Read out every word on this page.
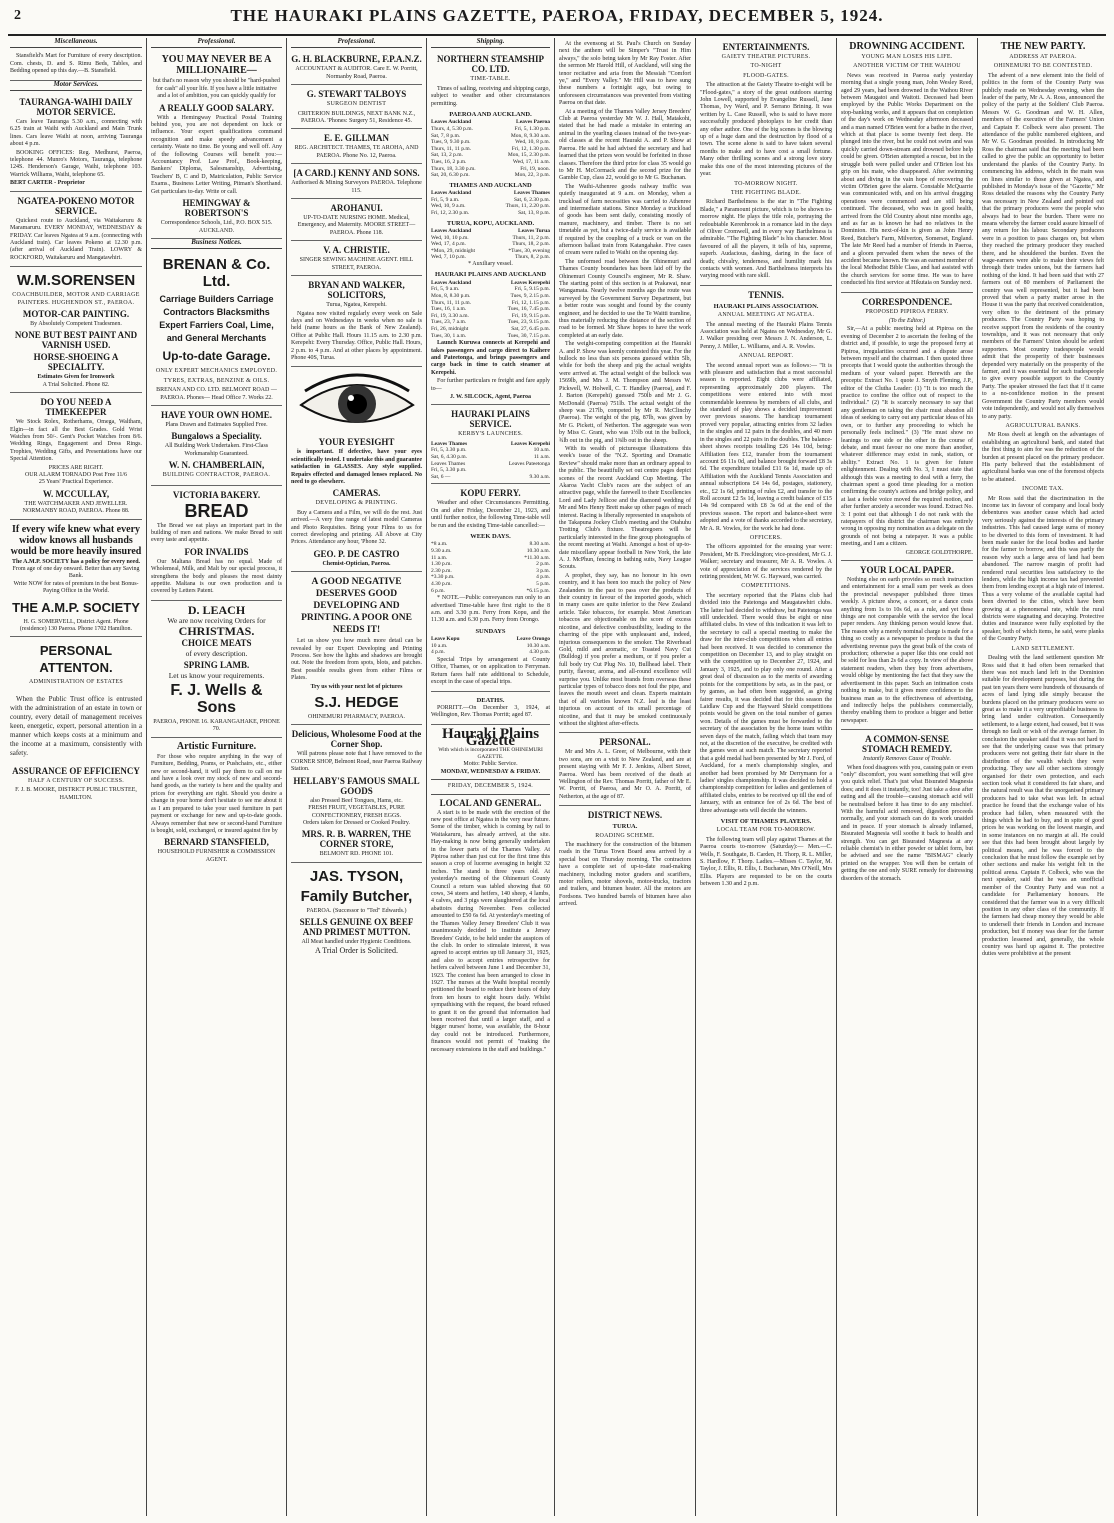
2	THE HAURAKI PLAINS GAZETTE, PAEROA, FRIDAY, DECEMBER 5, 1924.
Miscellaneous.
Stansfield's Mart for Furniture of every description. Com. chests, D. and S. Rimu Beds, Tables, and Bedding opened up this day.—B. Stansfield.
Motor Services.
TAURANGA-WAIHI DAILY MOTOR SERVICE.
Cars leave Tauranga 5.30 a.m., connecting with 6.25 train at Waihi with Auckland and Main Trunk lines. Cars leave Waihi at noon, arriving Tauranga about 4 p.m.
BOOKING OFFICES: Reg. Medhurst, Paeroa, telephone 44. Munro's Motors, Tauranga, telephone 124S. Henderson's Garage, Waihi, telephone 103. Warrick Williams, Waihi, telephone 65.
BERT CARTER - Proprietor
NGATEA-POKENO MOTOR SERVICE.
Quickest route to Auckland, via Waitakaruru & Maramaruru. EVERY MONDAY, WEDNESDAY & FRIDAY. Car leaves Ngatea at 9 a.m. (connecting with Auckland train). Car leaves Pokeno at 12.30 p.m. (after arrival of Auckland Train). LOWRY & ROCKFORD, Waitakaruru and Mangatawhiri.
W.M.SORENSEN
COACHBUILDER, MOTOR AND CARRIAGE PAINTERS. HUGHENDON ST., PAEROA.
MOTOR-CAR PAINTING.
By Absolutely Competent Tradesmen.
NONE BUT BEST PAINT AND VARNISH USED.
HORSE-SHOEING A SPECIALITY.
Estimates Given for Ironwork
A Trial Solicited. Phone 82.
DO YOU NEED A TIMEKEEPER
We Stock Rolex, Rotherhams, Omega, Waltham, Elgin—in fact all the Best Grades. Gold Wrist Watches from 50/-. Gent's Pocket Watches from 8/6. Wedding Rings, Engagement and Dress Rings. Trophies, Wedding Gifts, and Presentations have our Special Attention.
PRICES ARE RIGHT.
OUR ALARM TORNADO Post Free 11/6
25 Years' Practical Experience.
W. MCCULLAY,
THE WATCHMAKER AND JEWELLER. NORMANBY ROAD, PAEROA. Phone 88.
If every wife knew what every widow knows all husbands would be more heavily insured
The A.M.P. SOCIETY has a policy for every need.
From age of one day onward. Better than any Saving Bank.
Write NOW for rates of premium in the best Bonus-Paying Office in the World.
THE A.M.P. SOCIETY
H. G. SOMERVELL, District Agent. Phone (residence) 130 Paeroa. Phone 1702 Hamilton.
PERSONAL ATTENTON.
ADMINISTRATION OF ESTATES
When the Public Trust office is entrusted with the administration of an estate in town or country, every detail of management receives keen, energetic, expert, personal attention in a manner which keeps costs at a minimum and the income at a maximum, consistently with safety.
ASSURANCE OF EFFICIENCY
HALF A CENTURY OF SUCCESS.
F. J. B. MOORE, DISTRICT PUBLIC TRUSTEE, HAMILTON.
Professional.
YOU MAY NEVER BE A MILLIONAIRE—
but that's no reason why you should be "hard-pushed for cash" all your life. If you have a little initiative and a lot of ambition, you can quickly qualify for
A REALLY GOOD SALARY.
With a Hemingway Practical Postal Training behind you, you are not dependent on luck or influence. Your expert qualifications command recognition and make speedy advancement a certainty. Waste no time. Be young and well off. Any of the following Courses will benefit you:— Accountancy Prof. Law Prof., Book-keeping, Bankers' Diploma, Salesmanship, Advertising, Teachers' B, C and D, Matriculation, Public Service Exams., Business Letter Writing, Pitman's Shorthand. Get particulars to-day. Write or call.
HEMINGWAY & ROBERTSON'S
Correspondence Schools, Ltd., P.O. BOX 515. AUCKLAND.
Business Notices.
BRENAN & Co. Ltd.
Carriage Builders Carriage Contractors Blacksmiths Expert Farriers Coal, Lime, and General Merchants
Up-to-date Garage.
ONLY EXPERT MECHANICS EMPLOYED.
TYRES, EXTRAS, BENZINE & OILS.
BRENAN AND CO. LTD. BELMONT ROAD — PAEROA. Phones— Head Office 7. Works 22.
HAVE YOUR OWN HOME.
Plans Drawn and Estimates Supplied Free.
Bungalows a Speciality.
All Building Work Undertaken. First-Class Workmanship Guaranteed.
W. N. CHAMBERLAIN,
BUILDING CONTRACTOR, PAEROA.
VICTORIA BAKERY.
BREAD
The Bread we eat plays an important part in the building of men and nations. We make Bread to suit every taste and appetite.
FOR INVALIDS
Our Maltana Bread has no equal. Made of Wholemeal, Milk, and Malt by our special process, it strengthens the body and pleases the most dainty appetite. Maltana is our own production and is covered by Letters Patent.
D. LEACH
We are now receiving Orders for
CHRISTMAS.
CHOICE MEATS
of every description.
SPRING LAMB.
Let us know your requirements.
F. J. Wells & Sons
PAEROA, PHONE 16. KARANGAHAKE, PHONE 70.
Artistic Furniture.
For those who require anything in the way of Furniture, Bedding, Prams, or Pushchairs, etc., either new or second-hand, it will pay them to call on me and have a look over my stock of new and second-hand goods, as the variety is here and the quality and prices for everything are right. Should you desire a change in your home don't hesitate to see me about it as I am prepared to take your used furniture in part payment or exchange for new and up-to-date goods. Always remember that new or second-hand Furniture is bought, sold, exchanged, or insured against fire by
BERNARD STANSFIELD,
HOUSEHOLD FURNISHER & COMMISSION AGENT.
Professional.
G. H. BLACKBURNE, F.P.A.N.Z.
ACCOUNTANT & AUDITOR. Care E. W. Porritt, Normanby Road, Paeroa.
G. STEWART TALBOYS
SURGEON DENTIST
CRITERION BUILDINGS, NEXT BANK N.Z., PAEROA. 'Phones: Surgery 51, Residence 45.
E. E. GILLMAN
REG. ARCHITECT. THAMES, TE AROHA, AND PAEROA. Phone No. 12, Paeroa.
[A CARD.] KENNY AND SONS.
Authorised & Mining Surveyors PAEROA. Telephone 115.
AROHANUI.
UP-TO-DATE NURSING HOME. Medical, Emergency, and Maternity. MOORE STREET—PAEROA. Phone 118.
V. A. CHRISTIE.
SINGER SEWING MACHINE AGENT. HILL STREET, PAEROA.
BRYAN AND WALKER, SOLICITORS,
Turua, Ngatea, Kerepehi.
Ngatea now visited regularly every week on Sale days and on Wednesdays in weeks when no sale is held (name hours as the Bank of New Zealand). Office at Public Hall. Hours 11.15 a.m. to 2.30 p.m. Kerepehi: Every Thursday. Office, Public Hall. Hours, 2 p.m. to 4 p.m. And at other places by appointment. Phone 40S, Turua.
YOUR EYESIGHT
is important. If defective, have your eyes scientifically tested. I undertake this and guarantee satisfaction in GLASSES. Any style supplied. Repairs effected and damaged lenses replaced. No need to go elsewhere.
CAMERAS.
DEVELOPING & PRINTING.
Buy a Camera and a Film, we will do the rest. Just arrived.—A very fine range of latest model Cameras and Photo Requisites. Bring your Films to us for correct developing and printing. All Above at City Prices. Attendance any hour, 'Phone 32.
GEO. P. DE CASTRO
Chemist-Optician, Paeroa.
A GOOD NEGATIVE DESERVES GOOD DEVELOPING AND PRINTING. A POOR ONE NEEDS IT!
Let us show you how much more detail can be revealed by our Expert Developing and Printing Process. See how the lights and shadows are brought out. Note the freedom from spots, blots, and patches. Best possible results given from either Films or Plates.
Try us with your next lot of pictures
S.J. HEDGE
OHINEMURI PHARMACY, PAEROA.
Delicious, Wholesome Food at the Corner Shop.
Will patrons please note that I have removed to the CORNER SHOP, Belmont Road, near Paeroa Railway Station.
HELLABY'S FAMOUS SMALL GOODS
also Pressed Beef Tongues, Hams, etc.
FRESH FRUIT, VEGETABLES, PURE CONFECTIONERY, FRESH EGGS.
Orders taken for Dressed or Cooked Poultry.
MRS. R. B. WARREN, THE CORNER STORE,
BELMONT RD. PHONE 101.
JAS. TYSON,
Family Butcher,
PAEROA. (Successor to "Ted" Edwards.)
SELLS GENUINE OX BEEF AND PRIMEST MUTTON.
All Meat handled under Hygienic Conditions.
A Trial Order is Solicited.
Shipping.
NORTHERN STEAMSHIP CO. LTD.
TIME-TABLE.
Times of sailing, receiving and shipping cargo, subject to weather and other circumstances permitting.
PAEROA AND AUCKLAND.
Leaves Auckland	Leaves Paeroa
Thurs, 4, 5.30 p.m.	Fri, 5, 1.30 p.m.
Sat, 7, 8 p.m.	Mon, 8, 9.30 a.m.
Tues, 9, 9.30 p.m.	Wed, 10, 8 p.m.
Thurs, 11, 11 p.m.	Fri, 12, 1.30 p.m.
Sat, 13, 2 p.m.	Mon, 15, 2.30 p.m.
Tues, 16, 2 p.m.	Wed, 17, 11 a.m.
Thurs, 18, 3.30 p.m.	Fri, 19, noon.
Sat, 20, 6.30 p.m.	Mon, 22, 3 p.m.
THAMES AND AUCKLAND
Leaves Auckland	Leaves Thames
Fri, 5, 9 a.m.	Sat, 6, 2.30 p.m.
Wed, 10, 9 a.m.	Thurs, 11, 2.20 p.m.
Fri, 12, 2.30 p.m.	Sat, 13, 8 p.m.
TURUA, KOPU, AUCKLAND.
Leaves Auckland	Leaves Turua
Wed, 10, 10 p.m.	Thurs, 11, 2 p.m.
Wed, 17, 4 p.m.	Thurs, 18, 2 p.m.
*Mon, 29, midnight	*Tues, 30, evening
Wed, 7, 10 p.m.	Thurs, 8, 2 p.m.
* Auxiliary vessel.
HAURAKI PLAINS AND AUCKLAND
Leaves Auckland	Leaves Kerepehi
Fri, 5, 9 a.m.	Fri, 5, 9.15 p.m.
Mon, 8, 8.30 p.m.	Tues, 9, 2.15 p.m.
Thurs, 11, 11 p.m.	Fri, 12, 1.15 p.m.
Tues, 16, 1 a.m.	Tues, 16, 7.45 p.m.
Fri, 19, 3.30 a.m.	Fri, 19, 9.15 p.m.
Tues, 23, 7 a.m.	Tues, 23, 9.15 p.m.
Fri, 26, midnight	Sat, 27, 6.45 p.m.
Tues, 30, 1 a.m.	Tues, 30, 7.15 p.m.
Launch Kuruwa connects at Kerepehi and takes passengers and cargo direct to Kaihere and Pateetonga, and brings passengers and cargo back in time to catch steamer at Kerepehi.
For further particulars re freight and fare apply to—
J. W. SILCOCK, Agent, Paeroa
HAURAKI PLAINS SERVICE.
KERBY'S LAUNCHES.
Leaves Thames	Leaves Kerepehi
Fri, 5, 3.30 p.m.	10 a.m.
Sat, 6, 4.30 p.m.	11 a.m.
Leaves Thames	Leaves Pateetonga
Fri, 5, 3.30 p.m.
Sat, 6 —	9.30 a.m.
KOPU FERRY.
Weather and other Circumstances Permitting. On and after Friday, December 21, 1923, and until further notice, the following Time-table will be run and the existing Time-table cancelled:—
WEEK DAYS.
*8 a.m.	8.30 a.m.
9.30 a.m.	10.30 a.m.
11 a.m.	*11.30 a.m.
1.30 p.m.	2 p.m.
2.30 p.m.	3 p.m.
*3.30 p.m.	4 p.m.
4.30 p.m.	5 p.m.
6 p.m.	*6.15 p.m.
* NOTE.—Public conveyances run only to an advertised Time-table have first right to the 8 a.m. and 3.30 p.m. Ferry from Kopu, and the 11.30 a.m. and 6.30 p.m. Ferry from Orongo.
SUNDAYS
Leave Kopu	Leave Orongo
10 a.m.	10.30 a.m.
4 p.m.	4.30 p.m.
Special Trips by arrangement at County Office, Thames, or on application to Ferryman. Return fares half rate additional to Schedule, except in the case of special trips.
DEATHS.
PORRITT.—On December 3, 1924, at Wellington, Rev. Thomas Porritt; aged 87.
Hauraki Plains Gazette
With which is incorporated THE OHINEMURI GAZETTE.
Motto: Public Service.
MONDAY, WEDNESDAY & FRIDAY.
FRIDAY, DECEMBER 5, 1924.
LOCAL AND GENERAL.
A start is to be made with the erection of the new post office at Ngatea in the very near future. Some of the timber, which is coming by rail to Waitakaruru, has already arrived, at the site. Hay-making is now being generally undertaken in the lower parts of the Thames Valley. At Pipiroa rather than just cut for the first time this season a crop of lucerne averaging in height 32 inches. The stand is three years old. At yesterday's meeting of the Ohinemuri County Council a return was tabled showing that 60 cows, 34 steers and heifers, 140 sheep, 4 lambs, 4 calves, and 3 pigs were slaughtered at the local abattoirs during November. Fees collected amounted to £50 6s 6d. At yesterday's meeting of the Thames Valley Jersey Breeders' Club it was unanimously decided to institute a Jersey Breeders' Guide, to be held under the auspices of the club. In order to stimulate interest, it was agreed to accept entries up till January 31, 1925, and also to accept entries retrospective for heifers calved between June 1 and December 31, 1923. The contest has been arranged to close in 1927. The nurses at the Waihi hospital recently petitioned the board to reduce their hours of duty from ten hours to eight hours daily. Whilst sympathising with the request, the board refused to grant it on the ground that information had been received that until a larger staff, and a bigger nurses' home, was available, the 8-hour day could not be introduced. Furthermore, finances would not permit of "making the necessary extensions in the staff and buildings."
At the evensong at St. Paul's Church on Sunday next the anthem will be Simper's "Trust in Him always," the solo being taken by Mr Ray Foster. After the sermon Mr Harold Hill, of Auckland, will sing the tenor recitative and aria from the Messiah "Comfort ye," and "Every Valley." Mr Hill was to have sung these numbers a fortnight ago, but owing to unforeseen circumstances was prevented from visiting Paeroa on that date.
At a meeting of the Thames Valley Jersey Breeders' Club at Paeroa yesterday Mr W. J. Hall, Matakohi, stated that he had made a mistake in entering an animal in the yearling classes instead of the two-year-old classes at the recent Hauraki A. and P. Show at Paeroa. He said he had advised the secretary and had learned that the prizes won would be forfeited in those classes. Therefore the third prize for class 35 would go to Mr H. McCormack and the second prize for the Gamble Cup, class 22, would go to Mr G. Buchanan.
The Waihi-Athenree goods railway traffic was quietly inaugurated at 9 a.m. on Monday, when a truckload of farm necessities was carried to Athenree and intermediate stations. Since Monday a truckload of goods has been sent daily, consisting mostly of manure, machinery, and timber. There is no set timetable as yet, but a twice-daily service is available if required by the coupling of a truck or van on the afternoon ballast train from Katangahake. Five cases of cream were railed to Waihi on the opening day.
The unformed road between the Ohinemuri and Thames County boundaries has been laid off by the Ohinemuri County Council's engineer, Mr R. Shaw. The starting point of this section is at Prakawai, near Wangamata. Nearly twelve months ago the route was surveyed by the Government Survey Department, but a better route was sought and found by the county engineer, and he decided to use the Te Waitti tramline, thus materially reducing the distance of the section of road to be formed. Mr Shaw hopes to have the work completed at an early date.
The weight-computing competition at the Hauraki A. and P. Show was keenly contested this year. For the bullock no less than six persons guessed within 5lb, while for both the sheep and pig the actual weights were arrived at. The actual weight of the bullock was 1569lb, and Mrs J. M. Thompson and Messrs W. Pickwell, W. Holwell, C. T. Handley (Paeroa), and F. J. Barton (Kerepehi) guessed 750lb and Mr J. G. McDonald (Paeroa) 751lb. The actual weight of the sheep was 217lb, competed by Mr R. McClinchy (Paeroa). The weight of the pig, 87lb, was given by Mr G. Pickett, of Netherton. The aggregate was won by Miss C. Grant, who was 1½lb out in the bullock, ¾lb out in the pig, and 1⅜lb out in the sheep.
With its wealth of picturesque illustrations this week's issue of the "N.Z. Sporting and Dramatic Review" should make more than an ordinary appeal to the public. The beautifully set out centre pages depict scenes of the recent Auckland Cup Meeting. The Akaroa Yacht Club's races are the subject of an attractive page, while the farewell to their Excellencies Lord and Lady Jellicoe and the diamond wedding of Mr and Mrs Henry Brett make up other pages of much interest. Racing is liberally represented in snapshots of the Takapuna Jockey Club's meeting and the Otahuhu Trotting Club's fixture. Theatregoers will be particularly interested in the fine group photographs of the recent meeting at Waihi. Amongst a host of up-to-date miscellany appear football in New York, the late A. J. McPhun, fencing in bathing suits, Navy League Scouts.
A prophet, they say, has no honour in his own country, and it has been too much the policy of New Zealanders in the past to pass over the products of their country in favour of the imported goods, which in many cases are quite inferior to the New Zealand article. Take tobaccos, for example. Most American tobaccos are objectionable on the score of excess nicotine, and defective combustibility, leading to the charring of the pipe with unpleasant and, indeed, injurious consequences to the smoker. The Riverhead Gold, mild and aromatic, or Toasted Navy Cut (Bulldog) if you prefer a medium, or if you prefer a full body try Cut Plug No. 10, Bullhead label. Their purity, flavour, aroma, and all-round excellence will surprise you. Unlike most brands from overseas these particular types of tobacco does not foul the pipe, and leaves the mouth sweet and clean. Experts maintain that of all varieties known N.Z. leaf is the least injurious on account of its small percentage of nicotine, and that it may be smoked continuously without the slightest after-effects.
PERSONAL.
Mr and Mrs A. L. Greer, of Melbourne, with their two sons, are on a visit to New Zealand, and are at present staying with Mr F. J. Jenkins, Albert Street, Paeroa. Word has been received of the death at Wellington of the Rev. Thomas Porritt, father of Mr E. W. Porritt, of Paeroa, and Mr O. A. Porritt, of Netherton, at the age of 87.
DISTRICT NEWS.
TURUA.
ROADING SCHEME.
The machinery for the construction of the bitumen roads in the Turua Town Board area arrived by a special boat on Thursday morning. The contractors have a complete set of up-to-date road-making machinery, including motor graders and scarifiers, motor rollers, motor shovels, motor-trucks, tractors and trailers, and bitumen heater. All the motors are Fordsons. Two hundred barrels of bitumen have also arrived.
ENTERTAINMENTS.
GAIETY THEATRE PICTURES.
TO-NIGHT
FLOOD-GATES.
The attraction at the Gaiety Theatre to-night will be "Flood-gates," a story of the great outdoors starring John Lowell, supported by Evangeline Russell, Jane Thomas, Ivy Ward, and P. Serrano Brining. It was written by L. Case Russell, who is said to have more successfully produced photoplays to her credit than any other author. One of the big scenes is the blowing up of a huge dam and the destruction by flood of a town. The scene alone is said to have taken several months to make and to have cost a small fortune. Many other thrilling scenes and a strong love story make this one of the most interesting pictures of the year.
TO-MORROW NIGHT.
THE FIGHTING BLADE.
Richard Barthelmess is the star in "The Fighting Blade," a Paramount picture, which is to be shown to-morrow night. He plays the title role, portraying the redoubtable Kerenbrook in a romance laid in the days of Oliver Cromwell, and in every way Barthelmess is admirable. "The Fighting Blade" is his character. Most favoured of all the players, it tells of his, supreme, superb. Audacious, dashing, daring in the face of death; chivalry, tenderness, and humility mark his contacts with women. And Barthelmess interprets his varying mood with rare skill.
TENNIS.
HAURAKI PLAINS ASSOCIATION.
ANNUAL MEETING AT NGATEA.
The annual meeting of the Hauraki Plains Tennis Association was held at Ngatea on Wednesday, Mr G. J. Walker presiding over Messrs J. N. Anderson, L. Penny, J. Miller, L. Williams, and A. R. Vowles.
ANNUAL REPORT.
The second annual report was as follows:— "It is with pleasure and satisfaction that a most successful season is reported. Eight clubs were affiliated, representing approximately 200 players. The competitions were entered into with most commendable keenness by members of all clubs, and the standard of play shows a decided improvement over previous seasons. The handicap tournament proved very popular, attracting entries from 32 ladies in the singles and 12 pairs in the doubles, and 40 men in the singles and 22 pairs in the doubles. The balance-sheet shows receipts totalling £26 14s 10d, being: Affiliation fees £12, transfer from the tournament account £6 11s 0d, and balance brought forward £8 3s 6d. The expenditure totalled £11 6s 1d, made up of: Affiliation with the Auckland Tennis Association and annual subscriptions £4 14s 6d, postages, stationery, etc., £2 1s 6d, printing of rules £2, and transfer to the Roll account £2 5s 1d, leaving a credit balance of £15 14s 9d compared with £8 3s 6d at the end of the previous season. The report and balance-sheet were adopted and a vote of thanks accorded to the secretary, Mr A. R. Vowles, for the work he had done.
OFFICERS.
The officers appointed for the ensuing year were: President, Mr B. Frecklington; vice-president, Mr G. J. Walker; secretary and treasurer, Mr A. R. Vowles. A vote of appreciation of the services rendered by the retiring president, Mr W. G. Hayward, was carried.
COMPETITIONS.
The secretary reported that the Plains club had divided into the Patetonga and Maugatawhiri clubs. The latter had decided to withdraw, but Patetonga was still undecided. There would thus be eight or nine affiliated clubs. In view of this indication it was left to the secretary to call a special meeting to make the draw for the inter-club competitions when all entries had been received. It was decided to commence the competition on December 13, and to play straight on with the competition up to December 27, 1924, and January 3, 1925, and to play only one round. After a great deal of discussion as to the merits of awarding points for the competitions by sets, as in the past, or by games, as had often been suggested, as giving fairer results, it was decided that for this season the Laidlaw Cup and the Hayward Shield competitions points would be given on the total number of games won. Details of the games must be forwarded to the secretary of the association by the home team within seven days of the match, failing which that team may not, at the discretion of the executive, be credited with the games won at such match. The secretary reported that a gold medal had been presented by Mr J. Ford, of Auckland, for a men's championship singles, and another had been promised by Mr Derrymann for a ladies' singles championship. It was decided to hold a championship competition for ladies and gentlemen of affiliated clubs, entries to be received up till the end of January, with an entrance fee of 2s 6d. The best of three advantage sets will decide the winners.
VISIT OF THAMES PLAYERS.
LOCAL TEAM FOR TO-MORROW.
The following team will play against Thames at the Paeroa courts to-morrow (Saturday):— Men.—C. Wells, F. Southgate, B. Carden, H. Thorp, R. L. Miller, S. Hardlow, F. Thorp. Ladies.—Misses C. Taylor, M. Taylor, J. Ellis, R. Ellis, I. Buchanan, Mrs O'Neill, Mrs Ellis. Players are requested to be on the courts between 1.30 and 2 p.m.
DROWNING ACCIDENT.
YOUNG MAN LOSES HIS LIFE.
ANOTHER VICTIM OF THE WAIHOU
News was received in Paeroa early yesterday morning that a single young man, John Wesley Reed, aged 29 years, had been drowned in the Waihou River between Maugatoi and Waitoti. Deceased had been employed by the Public Works Department on the stop-banking works, and it appears that on completion of the day's work on Wednesday afternoon deceased and a man named O'Brien went for a bathe in the river, which at that place is some twenty feet deep. He plunged into the river, but he could not swim and was quickly carried down-stream and drowned before help could be given. O'Brien attempted a rescue, but in the struggle both were pulled under and O'Brien lost his grip on his mate, who disappeared. After swimming about and diving in the vain hope of recovering the victim O'Brien gave the alarm. Constable McQuarrie was communicated with, and on his arrival dragging operations were commenced and are still being continued. The deceased, who was in good health, arrived from the Old Country about nine months ago, and as far as is known he had no relatives in the Dominion. His next-of-kin is given as John Henry Reed, Butcher's Farm, Milverton, Somerset, England. The late Mr Reed had a number of friends in Paeroa, and a gloom pervaded them when the news of the accident became known. He was an earnest member of the local Methodist Bible Class, and had assisted with the church services for some time. He was to have conducted his first service at Hikutaia on Sunday next.
CORRESPONDENCE.
PROPOSED PIPIROA FERRY.
(To the Editor.)
Sir,—At a public meeting held at Pipiroa on the evening of December 2 to ascertain the feeling of the district and, if possible, to urge the proposed ferry at Pipiroa, irregularities occurred and a dispute arose between myself and the chairman. I then quoted three precepts that I would quote the authorities through the medium of your valued paper. Herewith are the precepts: Extract No. 1 quote J. Smyth Fleming, J.P., editor of the Clutha Leader: (1) "It is too much the practice to confine the office out of respect to the individual." (2) "It is scarcely necessary to say that any gentleman on taking the chair must abandon all ideas of seeking to carry out any particular ideas of his own, or to further any proceeding to which he personally feels inclined." (3) "He must show no leanings to one side or the other in the course of debate, and must favour no one more than another, whatever difference may exist in rank, station, or ability." Extract No. 1 is given for future enlightenment. Dealing with No. 3, I must state that although this was a meeting to deal with a ferry, the chairman spent a good time pleading for a motion confirming the county's actions and bridge policy, and at last a feeble voice moved the required motion, and after further anxiety a seconder was found. Extract No. 3: I point out that although I do not rank with the ratepayers of this district the chairman was entirely wrong in opposing my nomination as a delegate on the grounds of not being a ratepayer. It was a public meeting, and I am a citizen.
GEORGE GOLDTHORPE.
YOUR LOCAL PAPER.
Nothing else on earth provides so much instruction and entertainment for a small sum per week as does the provincial newspaper published three times weekly. A picture show, a concert, or a dance costs anything from 1s to 10s 6d, as a rule, and yet these things are not comparable with the service the local paper renders. Any thinking person would know that. The reason why a merely nominal charge is made for a thing so costly as a newspaper to produce is that the advertising revenue pays the great bulk of the costs of production; otherwise a paper like this one could not be sold for less than 2s 6d a copy. In view of the above statement readers, when they buy from advertisers, would oblige by mentioning the fact that they saw the advertisement in this paper. Such an intimation costs nothing to make, but it gives more confidence to the business man as to the effectiveness of advertising, and indirectly helps the publishers commercially, thereby enabling them to produce a bigger and better newspaper.
A COMMON-SENSE STOMACH REMEDY.
Instantly Removes Cause of Trouble.
When food disagrees with you, causing pain or even "only" discomfort, you want something that will give you quick relief. That's just what Bisurated Magnesia does; and it does it instantly, too! Just take a dose after eating and all the trouble—causing stomach acid will be neutralised before it has time to do any mischief. With the harmful acid removed, digestion proceeds normally, and your stomach can do its work unaided and in peace. If your stomach is already inflamed, Bisurated Magnesia will soothe it back to health and strength. You can get Bisurated Magnesia at any reliable chemist's in either powder or tablet form, but be advised and see the name "BISMAG" clearly printed on the wrapper. You will then be certain of getting the one and only SURE remedy for distressing disorders of the stomach.
THE NEW PARTY.
ADDRESS AT PAEROA.
OHINEMURI TO BE CONTESTED.
The advent of a new element into the field of politics in the form of the Country Party was publicly made on Wednesday evening, when the leader of the party, Mr A. A. Ross, announced the policy of the party at the Soldiers' Club Paeroa. Messrs W. G. Goodman and W. H. Allen, members of the executive of the Farmers' Union and Captain F. Colbeck were also present. The attendance of the public numbered eighteen, and Mr W. G. Goodman presided. In introducing Mr Ross the chairman said that the meeting had been called to give the public an opportunity to better understand the planks of the Country Party. In commencing his address, which in the main was on lines similar to those given at Ngatea, and published in Monday's issue of the "Gazette," Mr Ross detailed the reasons why the Country Party was necessary in New Zealand and pointed out that the primary producers were the people who always had to bear the burden. There were no means whereby the farmer could assure himself of any return for his labour. Secondary producers were in a position to pass charges on, but when they reached the primary producer they reached there, and he shouldered the burden. Even the wage-earners were able to make their views felt through their trades unions, but the farmers had nothing of the kind. It had been said that with 27 farmers out of 80 members of Parliament the country was well represented, but it had been proved that when a party matter arose in the House it was the party that received consideration, very often to the detriment of the primary producers. The Country Party was hoping to receive support from the residents of the country townships, and it was not necessary that only members of the Farmers' Union should be ardent supporters. Most country tradespeople would admit that the prosperity of their businesses depended very materially on the prosperity of the farmer, and it was essential for such tradespeople to give every possible support to the Country Party. The speaker stressed the fact that if it came to a no-confidence motion in the present Government the Country Party members would vote independently, and would not ally themselves to any party.
AGRICULTURAL BANKS.
Mr Ross dwelt at length on the advantages of establishing an agricultural bank, and stated that the first thing to aim for was the reduction of the burden at present placed on the primary producer. His party believed that the establishment of agricultural banks was one of the foremost objects to be attained.
INCOME TAX.
Mr Ross said that the discrimination in the income tax in favour of company and local body debentures was another cause which had acted very seriously against the interests of the primary industries. This had caused large sums of money to be diverted to this form of investment. It had been made easier for the local bodies and harder for the farmer to borrow, and this was partly the reason why such a large area of land had been abandoned. The narrow margin of profit had rendered rural securities less satisfactory to the lenders, while the high income tax had prevented them from lending except at a high rate of interest. Thus a very volume of the available capital had been diverted to the cities, which have been growing at a phenomenal rate, while the rural districts were stagnating and decaying. Protective duties and insurance were fully exploited by the speaker, both of which items, he said, were planks of the Country Party.
LAND SETTLEMENT.
Dealing with the land settlement question Mr Ross said that it had often been remarked that there was not much land left in the Dominion suitable for development purposes, but during the past ten years there were hundreds of thousands of acres of land lying idle simply because the burdens placed on the primary producers were so great as to make it a very unprofitable business to bring land under cultivation. Consequently settlement, to a large extent, had ceased, but it was through no fault or wish of the average farmer. In conclusion the speaker said that it was not hard to see that the underlying cause was that primary producers were not getting their fair share in the distribution of the wealth which they were producing. They saw all other sections strongly organised for their own protection, and each section took what it considered its fair share, and the natural result was that the unorganised primary producers had to take what was left. In actual practice he found that the exchange value of his produce had fallen, when measured with the things which he had to buy, and in spite of good prices he was working on the lowest margin, and in some instances on no margin at all. He could see that this had been brought about largely by political means, and he was forced to the conclusion that he must follow the example set by other sections and make his weight felt in the political arena. Captain F. Colbeck, who was the next speaker, said that he was an unofficial member of the Country Party and was not a candidate for Parliamentary honours. He considered that the farmer was in a very difficult position in any other class of the community. If the farmers had cheap money they would be able to undersell their friends in London and increase production, but if money was dear for the farmer production lessened and, generally, the whole country was hard up against it. The protective duties were prohibitive at the present
